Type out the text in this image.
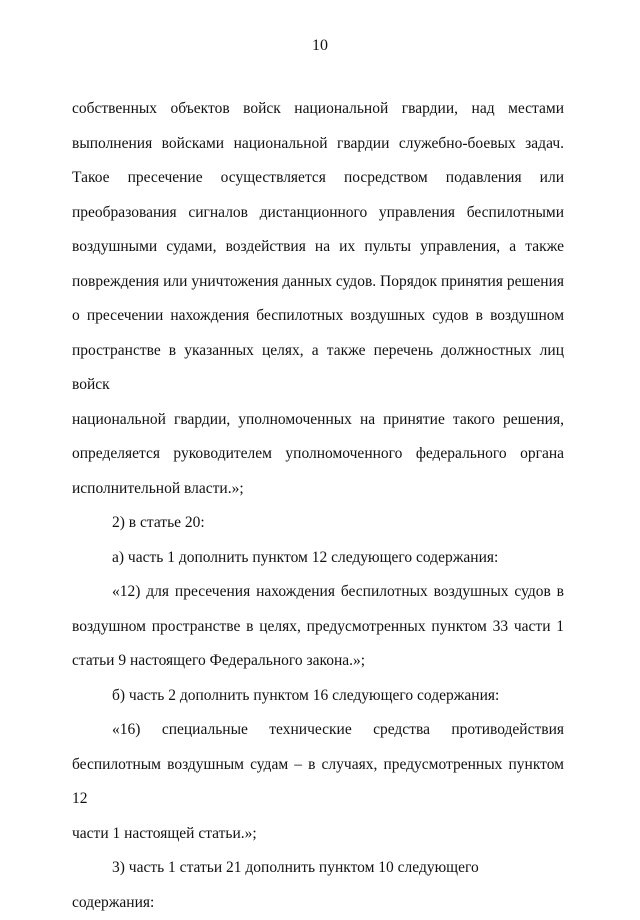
10

собственных объектов войск национальной гвардии, над местами

выполнения войсками национальной гвардии служебно-боевых задач.

Такое пресечение осуществляется посредством подавления или

преобразования сигналов дистанционного управления беспилотными

воздушными судами, воздействия на их пульты управления, а также

повреждения или уничтожения данных судов. Порядок принятия решения

о пресечении нахождения беспилотных воздушных судов в воздушном

пространстве в указанных целях, а также перечень должностных лиц войск

национальной гвардии, уполномоченных на принятие такого решения,

определяется руководителем уполномоченного федерального органа

исполнительной власти.»;

2) в статье 20:

а) часть 1 дополнить пунктом 12 следующего содержания:

«12) для пресечения нахождения беспилотных воздушных судов в

воздушном пространстве в целях, предусмотренных пунктом 33 части 1

статьи 9 настоящего Федерального закона.»;

б) часть 2 дополнить пунктом 16 следующего содержания:

«16) специальные технические средства противодействия

беспилотным воздушным судам – в случаях, предусмотренных пунктом 12

части 1 настоящей статьи.»;

3) часть 1 статьи 21 дополнить пунктом 10 следующего содержания:
